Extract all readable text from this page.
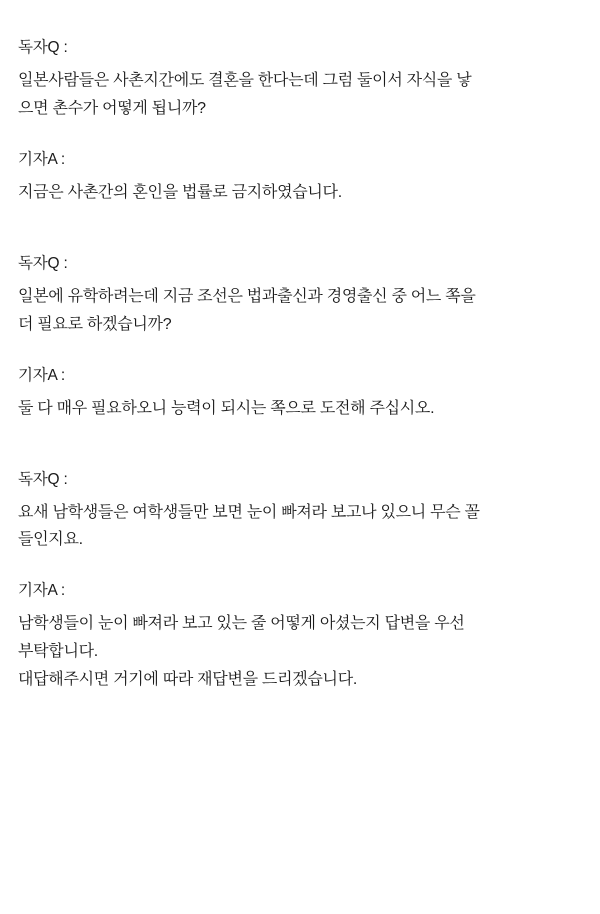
독자Q :

일본사람들은 사촌지간에도 결혼을 한다는데 그럼 둘이서 자식을 낳

으면 촌수가 어떻게 됩니까?

기자A :

지금은 사촌간의 혼인을 법률로 금지하였습니다.

독자Q :

일본에 유학하려는데 지금 조선은 법과출신과 경영출신 중 어느 쪽을

더 필요로 하겠습니까?

기자A :

둘 다 매우 필요하오니 능력이 되시는 쪽으로 도전해 주십시오.

독자Q :

요새 남학생들은 여학생들만 보면 눈이 빠져라 보고나 있으니 무슨 꼴

들인지요.

기자A :

남학생들이 눈이 빠져라 보고 있는 줄 어떻게 아셨는지 답변을 우선

부탁합니다.

대답해주시면 거기에 따라 재답변을 드리겠습니다.
